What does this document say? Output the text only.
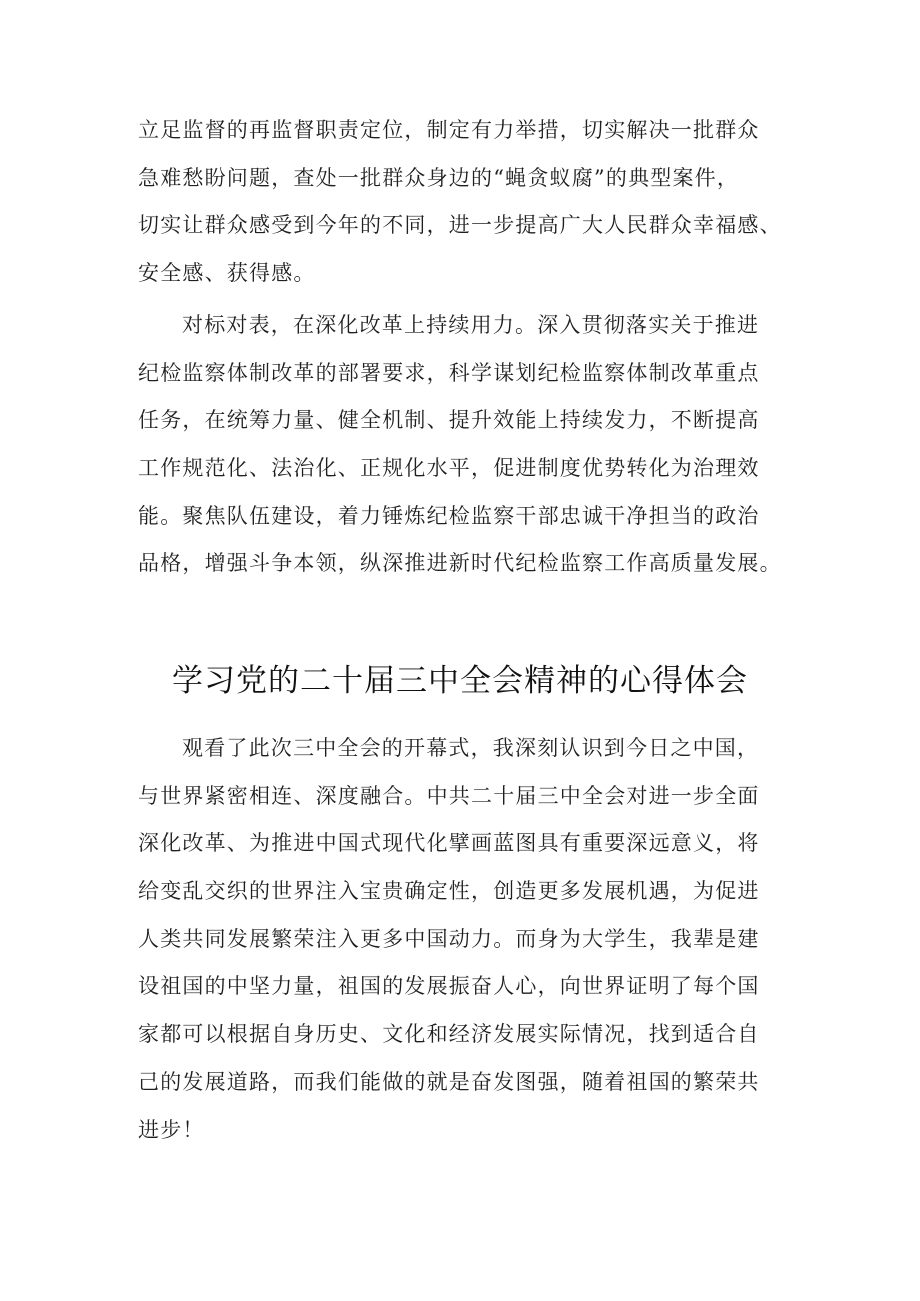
立足监督的再监督职责定位，制定有力举措，切实解决一批群众
急难愁盼问题，查处一批群众身边的“蝇贪蚁腐”的典型案件，
切实让群众感受到今年的不同，进一步提高广大人民群众幸福感、
安全感、获得感。
对标对表，在深化改革上持续用力。深入贯彻落实关于推进
纪检监察体制改革的部署要求，科学谋划纪检监察体制改革重点
任务，在统筹力量、健全机制、提升效能上持续发力，不断提高
工作规范化、法治化、正规化水平，促进制度优势转化为治理效
能。聚焦队伍建设，着力锤炼纪检监察干部忠诚干净担当的政治
品格，增强斗争本领，纵深推进新时代纪检监察工作高质量发展。
学习党的二十届三中全会精神的心得体会
观看了此次三中全会的开幕式，我深刻认识到今日之中国，
与世界紧密相连、深度融合。中共二十届三中全会对进一步全面
深化改革、为推进中国式现代化擘画蓝图具有重要深远意义，将
给变乱交织的世界注入宝贵确定性，创造更多发展机遇，为促进
人类共同发展繁荣注入更多中国动力。而身为大学生，我辈是建
设祖国的中坚力量，祖国的发展振奋人心，向世界证明了每个国
家都可以根据自身历史、文化和经济发展实际情况，找到适合自
己的发展道路，而我们能做的就是奋发图强，随着祖国的繁荣共
进步！
